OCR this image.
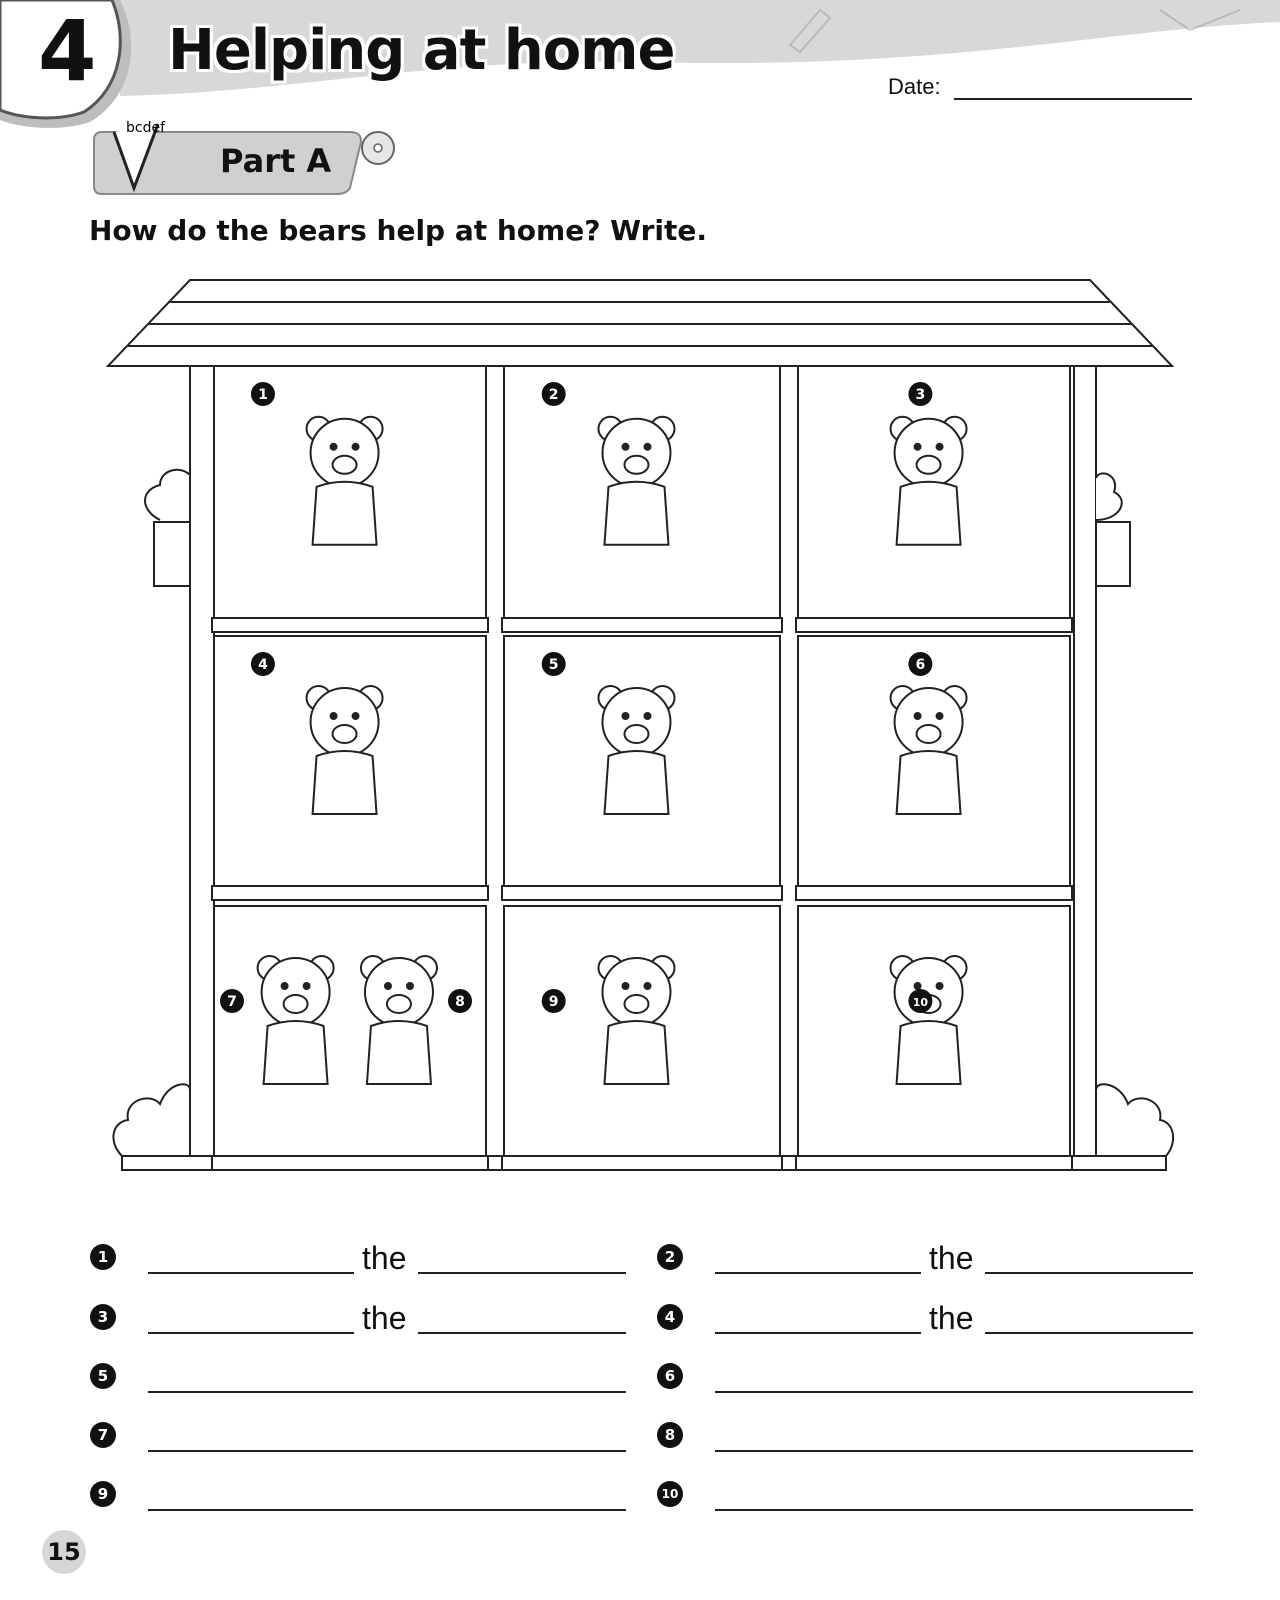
4 Helping at home
Date:
bcdef
Part A
How do the bears help at home? Write.
1	2	3
4	5	6
7	8	9	10
1	the	2	the
3	the	4	the
5	6
7	8
9	10
15
